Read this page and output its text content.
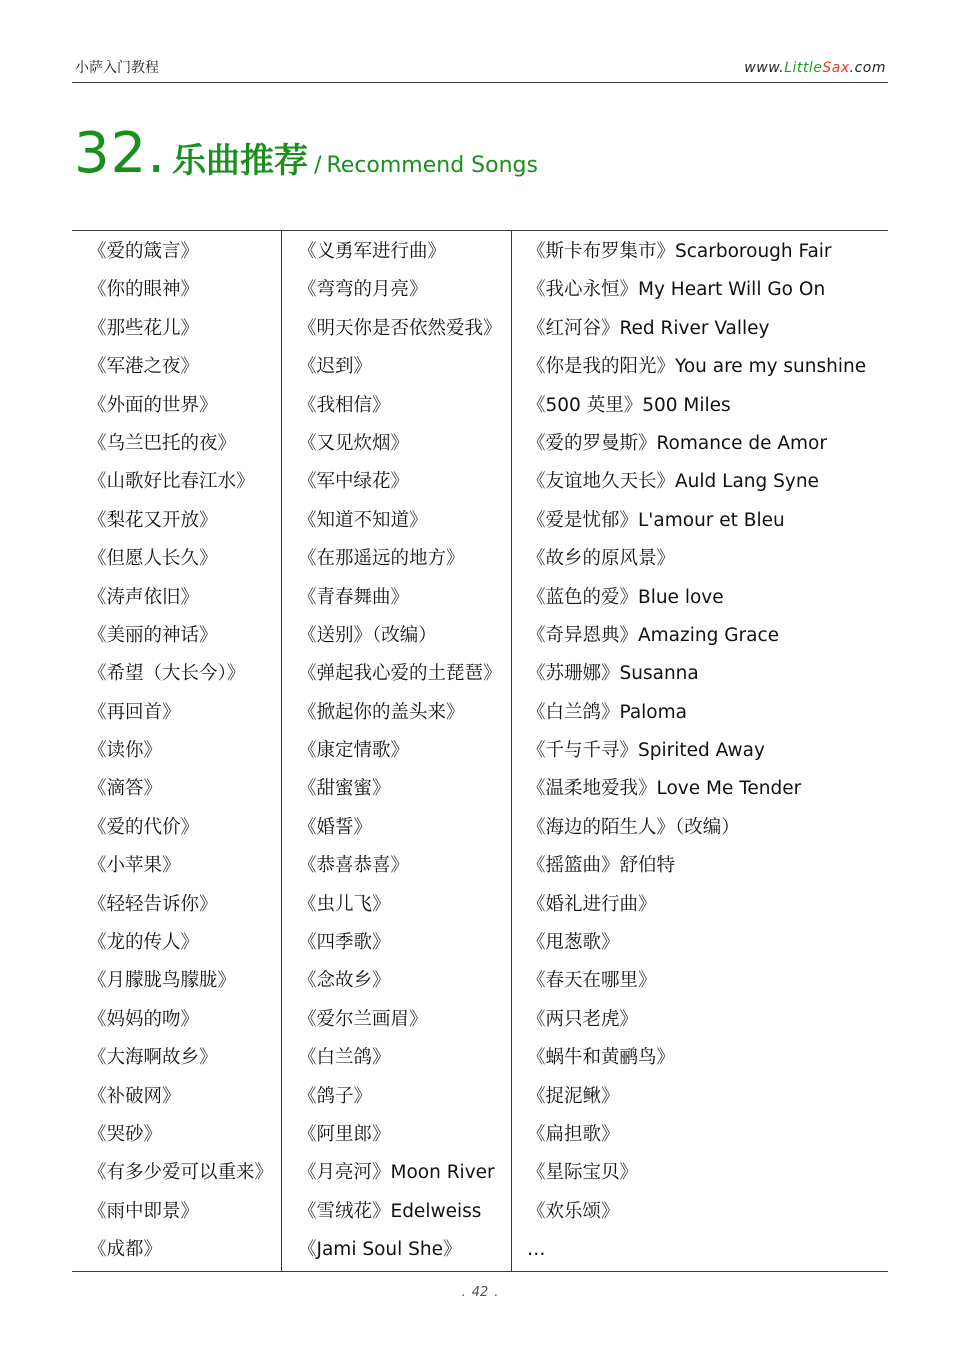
小萨入门教程	www.LittleSax.com
32. 乐曲推荐 / Recommend Songs
《爱的箴言》
《你的眼神》
《那些花儿》
《军港之夜》
《外面的世界》
《乌兰巴托的夜》
《山歌好比春江水》
《梨花又开放》
《但愿人长久》
《涛声依旧》
《美丽的神话》
《希望（大长今）》
《再回首》
《读你》
《滴答》
《爱的代价》
《小苹果》
《轻轻告诉你》
《龙的传人》
《月朦胧鸟朦胧》
《妈妈的吻》
《大海啊故乡》
《补破网》
《哭砂》
《有多少爱可以重来》
《雨中即景》
《成都》
《义勇军进行曲》
《弯弯的月亮》
《明天你是否依然爱我》
《迟到》
《我相信》
《又见炊烟》
《军中绿花》
《知道不知道》
《在那遥远的地方》
《青春舞曲》
《送别》（改编）
《弹起我心爱的土琵琶》
《掀起你的盖头来》
《康定情歌》
《甜蜜蜜》
《婚誓》
《恭喜恭喜》
《虫儿飞》
《四季歌》
《念故乡》
《爱尔兰画眉》
《白兰鸽》
《鸽子》
《阿里郎》
《月亮河》Moon River
《雪绒花》Edelweiss
《Jami Soul She》
《斯卡布罗集市》Scarborough Fair
《我心永恒》My Heart Will Go On
《红河谷》Red River Valley
《你是我的阳光》You are my sunshine
《500 英里》500 Miles
《爱的罗曼斯》Romance de Amor
《友谊地久天长》Auld Lang Syne
《爱是忧郁》L'amour et Bleu
《故乡的原风景》
《蓝色的爱》Blue love
《奇异恩典》Amazing Grace
《苏珊娜》Susanna
《白兰鸽》Paloma
《千与千寻》Spirited Away
《温柔地爱我》Love Me Tender
《海边的陌生人》（改编）
《摇篮曲》舒伯特
《婚礼进行曲》
《甩葱歌》
《春天在哪里》
《两只老虎》
《蜗牛和黄鹂鸟》
《捉泥鳅》
《扁担歌》
《星际宝贝》
《欢乐颂》
…
. 42 .
